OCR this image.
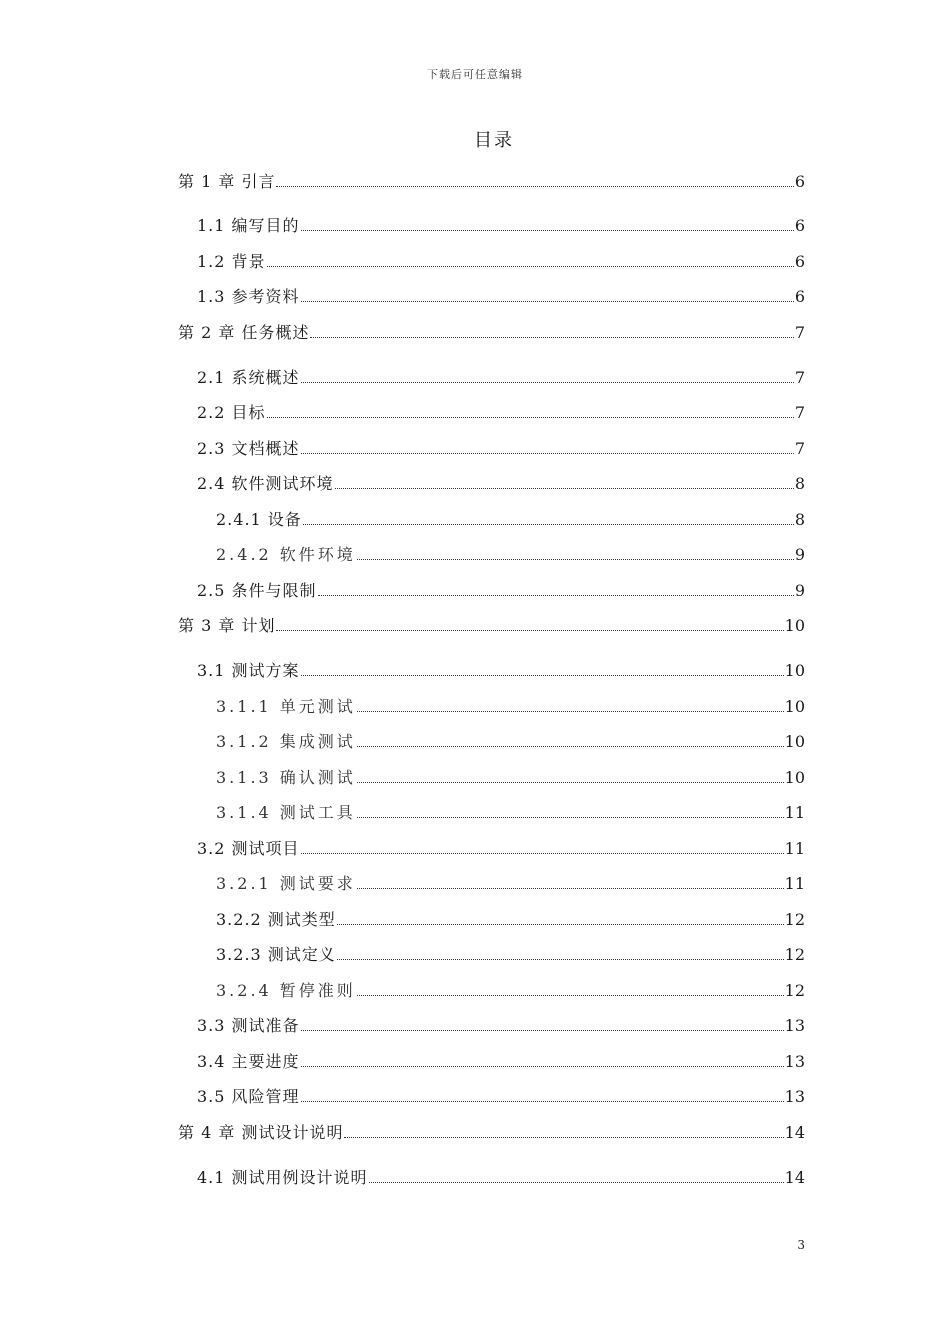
下载后可任意编辑
目录
第 1 章 引言	6
1.1 编写目的	6
1.2 背景	6
1.3 参考资料	6
第 2 章 任务概述	7
2.1 系统概述	7
2.2 目标	7
2.3 文档概述	7
2.4 软件测试环境	8
2.4.1 设备	8
2.4.2 软件环境	9
2.5 条件与限制	9
第 3 章 计划	10
3.1 测试方案	10
3.1.1 单元测试	10
3.1.2 集成测试	10
3.1.3 确认测试	10
3.1.4 测试工具	11
3.2 测试项目	11
3.2.1 测试要求	11
3.2.2 测试类型	12
3.2.3 测试定义	12
3.2.4 暂停准则	12
3.3 测试准备	13
3.4 主要进度	13
3.5 风险管理	13
第 4 章 测试设计说明	14
4.1 测试用例设计说明	14
3
